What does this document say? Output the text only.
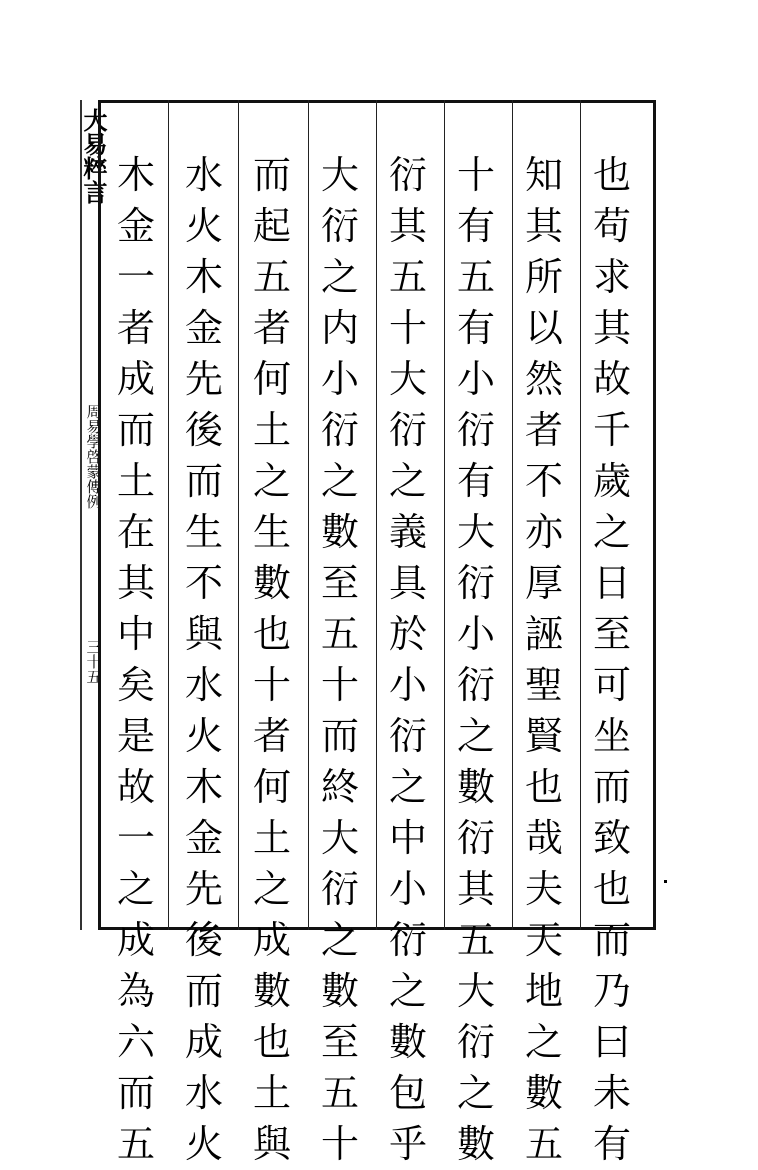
大易粹言
周易學啓蒙傳例
三十五
也
苟
求
其
故
千
歲
之
日
至
可
坐
而
致
也
而
乃
曰
未
有
知
其
所
以
然
者
不
亦
厚
誣
聖
賢
也
哉
夫
天
地
之
數
五
十
有
五
有
小
衍
有
大
衍
小
衍
之
數
衍
其
五
大
衍
之
數
衍
其
五
十
大
衍
之
義
具
於
小
衍
之
中
小
衍
之
數
包
乎
大
衍
之
内
小
衍
之
數
至
五
十
而
終
大
衍
之
數
至
五
十
而
起
五
者
何
土
之
生
數
也
十
者
何
土
之
成
數
也
土
與
水
火
木
金
先
後
而
生
不
與
水
火
木
金
先
後
而
成
水
火
木
金
一
者
成
而
土
在
其
中
矣
是
故
一
之
成
為
六
而
五
